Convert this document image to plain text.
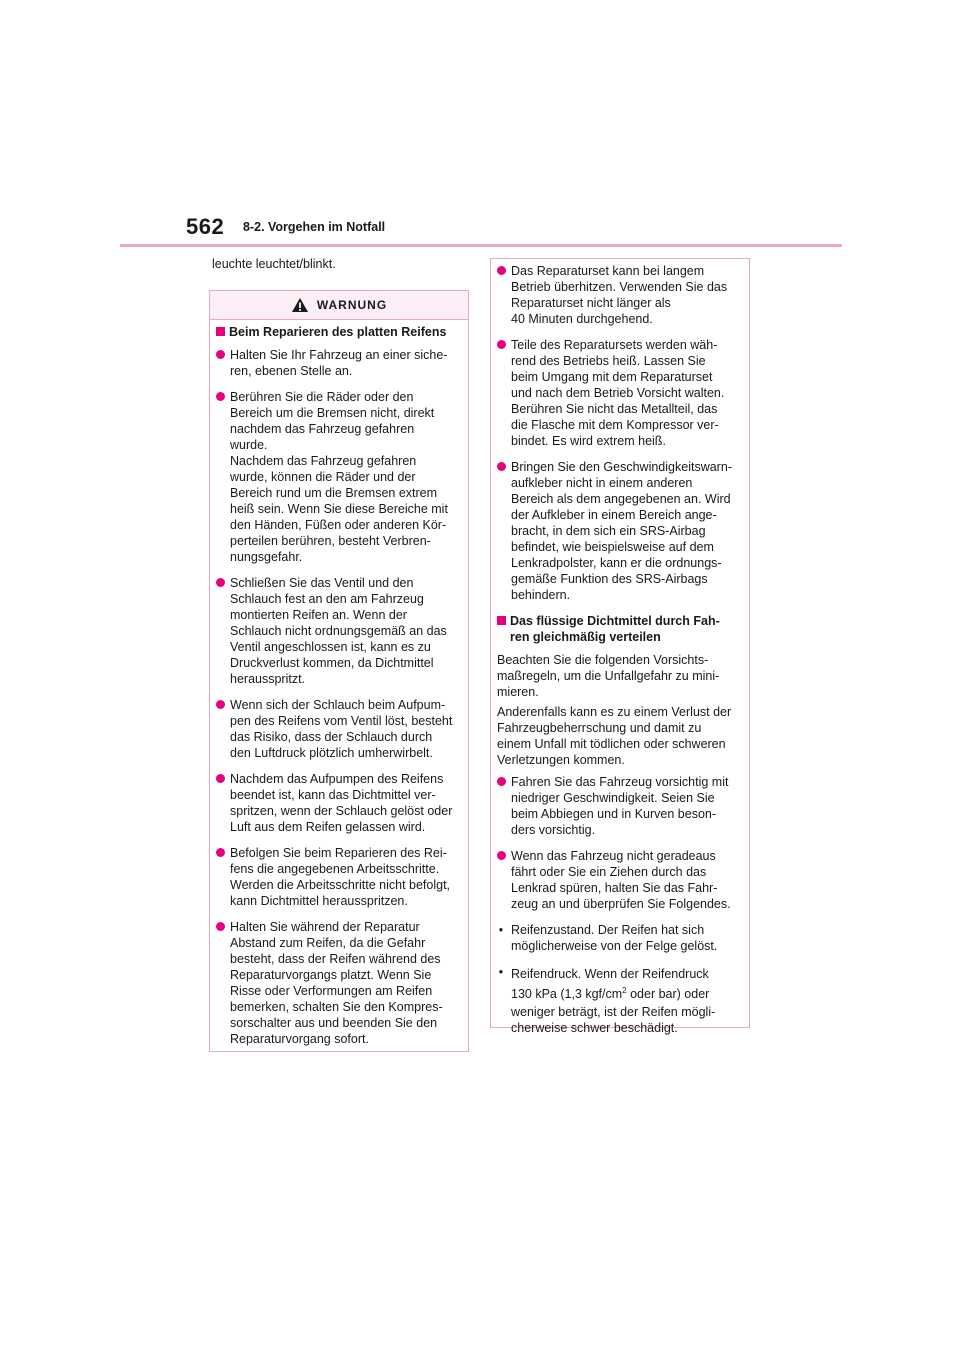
562 8-2. Vorgehen im Notfall
leuchte leuchtet/blinkt.
WARNUNG
Beim Reparieren des platten Reifens
Halten Sie Ihr Fahrzeug an einer siche-
ren, ebenen Stelle an.
Berühren Sie die Räder oder den
Bereich um die Bremsen nicht, direkt
nachdem das Fahrzeug gefahren
wurde.
Nachdem das Fahrzeug gefahren
wurde, können die Räder und der
Bereich rund um die Bremsen extrem
heiß sein. Wenn Sie diese Bereiche mit
den Händen, Füßen oder anderen Kör-
perteilen berühren, besteht Verbren-
nungsgefahr.
Schließen Sie das Ventil und den
Schlauch fest an den am Fahrzeug
montierten Reifen an. Wenn der
Schlauch nicht ordnungsgemäß an das
Ventil angeschlossen ist, kann es zu
Druckverlust kommen, da Dichtmittel
herausspritzt.
Wenn sich der Schlauch beim Aufpum-
pen des Reifens vom Ventil löst, besteht
das Risiko, dass der Schlauch durch
den Luftdruck plötzlich umherwirbelt.
Nachdem das Aufpumpen des Reifens
beendet ist, kann das Dichtmittel ver-
spritzen, wenn der Schlauch gelöst oder
Luft aus dem Reifen gelassen wird.
Befolgen Sie beim Reparieren des Rei-
fens die angegebenen Arbeitsschritte.
Werden die Arbeitsschritte nicht befolgt,
kann Dichtmittel herausspritzen.
Halten Sie während der Reparatur
Abstand zum Reifen, da die Gefahr
besteht, dass der Reifen während des
Reparaturvorgangs platzt. Wenn Sie
Risse oder Verformungen am Reifen
bemerken, schalten Sie den Kompres-
sorschalter aus und beenden Sie den
Reparaturvorgang sofort.
Das Reparaturset kann bei langem
Betrieb überhitzen. Verwenden Sie das
Reparaturset nicht länger als
40 Minuten durchgehend.
Teile des Reparatursets werden wäh-
rend des Betriebs heiß. Lassen Sie
beim Umgang mit dem Reparaturset
und nach dem Betrieb Vorsicht walten.
Berühren Sie nicht das Metallteil, das
die Flasche mit dem Kompressor ver-
bindet. Es wird extrem heiß.
Bringen Sie den Geschwindigkeitswarn-
aufkleber nicht in einem anderen
Bereich als dem angegebenen an. Wird
der Aufkleber in einem Bereich ange-
bracht, in dem sich ein SRS-Airbag
befindet, wie beispielsweise auf dem
Lenkradpolster, kann er die ordnungs-
gemäße Funktion des SRS-Airbags
behindern.
Das flüssige Dichtmittel durch Fah-
ren gleichmäßig verteilen
Beachten Sie die folgenden Vorsichts-
maßregeln, um die Unfallgefahr zu mini-
mieren.
Anderenfalls kann es zu einem Verlust der
Fahrzeugbeherrschung und damit zu
einem Unfall mit tödlichen oder schweren
Verletzungen kommen.
Fahren Sie das Fahrzeug vorsichtig mit
niedriger Geschwindigkeit. Seien Sie
beim Abbiegen und in Kurven beson-
ders vorsichtig.
Wenn das Fahrzeug nicht geradeaus
fährt oder Sie ein Ziehen durch das
Lenkrad spüren, halten Sie das Fahr-
zeug an und überprüfen Sie Folgendes.
• Reifenzustand. Der Reifen hat sich
möglicherweise von der Felge gelöst.
• Reifendruck. Wenn der Reifendruck
130 kPa (1,3 kgf/$cm^2$ oder bar) oder
weniger beträgt, ist der Reifen mögli-
cherweise schwer beschädigt.
